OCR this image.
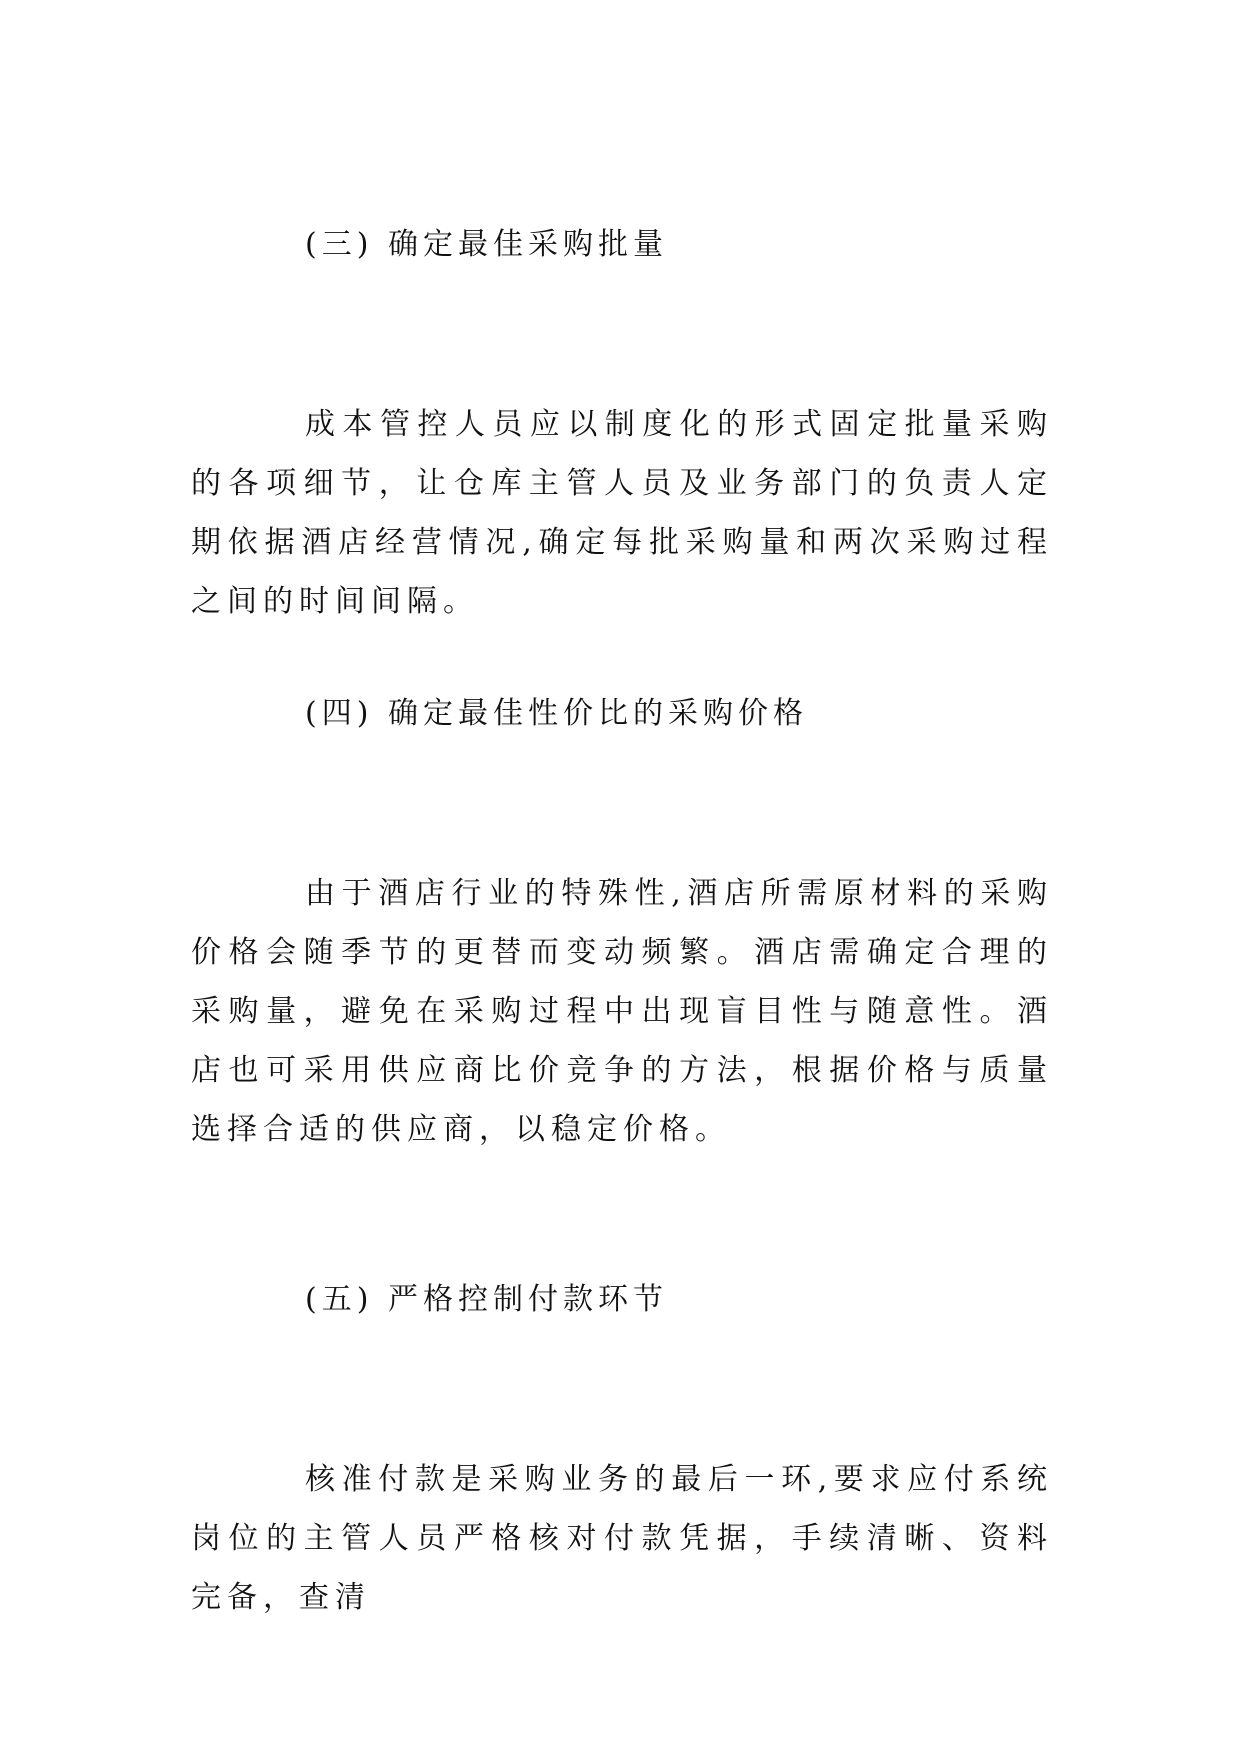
(三) 确定最佳采购批量
成本管控人员应以制度化的形式固定批量采购的各项细节，让仓库主管人员及业务部门的负责人定期依据酒店经营情况,确定每批采购量和两次采购过程之间的时间间隔。
(四) 确定最佳性价比的采购价格
由于酒店行业的特殊性,酒店所需原材料的采购价格会随季节的更替而变动频繁。酒店需确定合理的采购量，避免在采购过程中出现盲目性与随意性。酒店也可采用供应商比价竞争的方法，根据价格与质量选择合适的供应商，以稳定价格。
(五) 严格控制付款环节
核准付款是采购业务的最后一环,要求应付系统岗位的主管人员严格核对付款凭据，手续清晰、资料完备，查清
